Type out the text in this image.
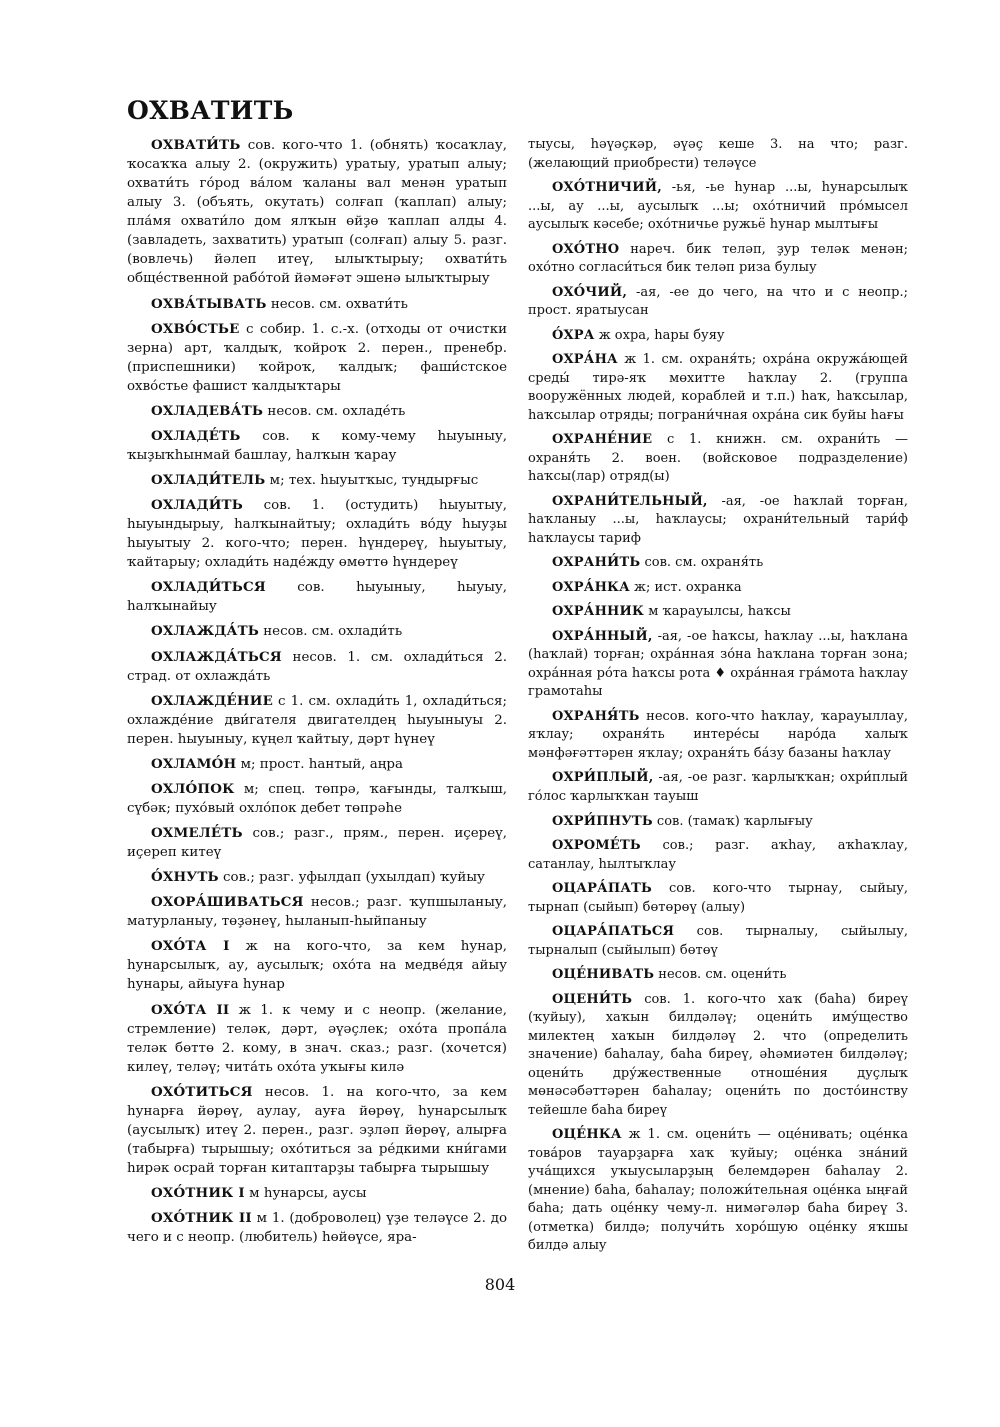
ОХВАТИТЬ

ОХВАТИ́ТЬ сов. кого-что 1. (обнять) ҡосаҡлау, ҡосаҡҡа алыу 2. (окружить) уратыу, уратып алыу; охвати́ть го́род ва́лом ҡаланы вал менән уратып алыу 3. (объять, окутать) солғап (ҡаплап) алыу; пла́мя охвати́ло дом ялҡын өйҙө ҡаплап алды 4. (завладеть, захватить) уратып (солғап) алыу 5. разг. (вовлечь) йәлеп итеү, ылыҡтырыу; охвати́ть обще́ственной рабо́той йәмәғәт эшенә ылыҡтырыу

ОХВА́ТЫВАТЬ несов. см. охвати́ть

ОХВО́СТЬЕ с собир. 1. с.-х. (отходы от очистки зерна) арт, ҡалдыҡ, ҡойроҡ 2. перен., пренебр. (приспешники) ҡойроҡ, ҡалдыҡ; фаши́стское охво́стье фашист ҡалдыҡтары

ОХЛАДЕВА́ТЬ несов. см. охладе́ть

ОХЛАДЕ́ТЬ сов. к кому-чему һыуыныу, ҡыҙыҡһынмай башлау, һалҡын ҡарау

ОХЛАДИ́ТЕЛЬ м; тех. һыуытҡыс, туңдырғыс

ОХЛАДИ́ТЬ сов. 1. (остудить) һыуытыу, һыуындырыу, һалҡынайтыу; охлади́ть во́ду һыуҙы һыуытыу 2. кого-что; перен. һүндереү, һыуытыу, ҡайтарыу; охлади́ть наде́жду өмөттө һүндереү

ОХЛАДИ́ТЬСЯ сов. һыуыныу, һыуыу, һалҡынайыу

ОХЛАЖДА́ТЬ несов. см. охлади́ть

ОХЛАЖДА́ТЬСЯ несов. 1. см. охлади́ться 2. страд. от охлажда́ть

ОХЛАЖДЕ́НИЕ с 1. см. охлади́ть 1, охлади́ться; охлажде́ние дви́гателя двигателдең һыуыныуы 2. перен. һыуыныу, күңел ҡайтыу, дәрт һүнеү

ОХЛАМО́Н м; прост. һантый, аңра

ОХЛО́ПОК м; спец. төпрә, ҡағынды, талҡыш, сүбәк; пухо́вый охло́пок дебет төпрәһе

ОХМЕЛЕ́ТЬ сов.; разг., прям., перен. иҫереү, иҫереп китеү

О́ХНУТЬ сов.; разг. уфылдап (ухылдап) ҡуйыу

ОХОРА́ШИВАТЬСЯ несов.; разг. ҡупшыланыу, матурланыу, төҙәнеү, һыланып-һыйпаныу

ОХО́ТА I ж на кого-что, за кем һунар, һунарсылыҡ, ау, аусылыҡ; охо́та на медве́дя айыу һунары, айыуға һунар

ОХО́ТА II ж 1. к чему и с неопр. (желание, стремление) теләк, дәрт, әүәҫлек; охо́та пропа́ла теләк бөттө 2. кому, в знач. сказ.; разг. (хочется) килеү, теләү; чита́ть охо́та уҡығы килә

ОХО́ТИТЬСЯ несов. 1. на кого-что, за кем һунарға йөрөү, аулау, ауға йөрөү, һунарсылыҡ (аусылыҡ) итеү 2. перен., разг. эҙләп йөрөү, алырға (табырға) тырышыу; охо́титься за ре́дкими кни́гами һирәк осрай торған китаптарҙы табырға тырышыу

ОХО́ТНИК I м һунарсы, аусы

ОХО́ТНИК II м 1. (доброволец) үҙе теләүсе 2. до чего и с неопр. (любитель) һөйөүсе, яра-

тыусы, һәүәҫкәр, әүәҫ кеше 3. на что; разг. (желающий приобрести) теләүсе

ОХО́ТНИЧИЙ, -ья, -ье һунар ...ы, һунарсылыҡ ...ы, ау ...ы, аусылыҡ ...ы; охо́тничий про́мысел аусылыҡ кәсебе; охо́тничье ружьё һунар мылтығы

ОХО́ТНО нареч. бик теләп, ҙур теләк менән; охо́тно согласи́ться бик теләп риза булыу

ОХО́ЧИЙ, -ая, -ее до чего, на что и с неопр.; прост. яратыусан

О́ХРА ж охра, һары буяу

ОХРА́НА ж 1. см. охраня́ть; охра́на окружа́ющей среды́ тирә-яҡ мөхитте һаҡлау 2. (группа вооружённых людей, кораблей и т.п.) һаҡ, һаҡсылар, һаҡсылар отряды; пограни́чная охра́на сик буйы һағы

ОХРАНЕ́НИЕ с 1. книжн. см. охрани́ть — охраня́ть 2. воен. (войсковое подразделение) һаҡсы(лар) отряд(ы)

ОХРАНИ́ТЕЛЬНЫЙ, -ая, -ое һаҡлай торған, һаҡланыу ...ы, һаҡлаусы; охрани́тельный тари́ф һаҡлаусы тариф

ОХРАНИ́ТЬ сов. см. охраня́ть

ОХРА́НКА ж; ист. охранка

ОХРА́ННИК м ҡарауылсы, һаҡсы

ОХРА́ННЫЙ, -ая, -ое һаҡсы, һаҡлау ...ы, һаҡлана (һаҡлай) торған; охра́нная зо́на һаҡлана торған зона; охра́нная ро́та һаҡсы рота ♦ охра́нная гра́мота һаҡлау грамотаһы

ОХРАНЯ́ТЬ несов. кого-что һаҡлау, ҡарауыллау, яҡлау; охраня́ть интере́сы наро́да халыҡ мәнфәғәттәрен яҡлау; охраня́ть ба́зу базаны һаҡлау

ОХРИ́ПЛЫЙ, -ая, -ое разг. ҡарлыҡҡан; охри́плый го́лос ҡарлыҡҡан тауыш

ОХРИ́ПНУТЬ сов. (тамаҡ) ҡарлығыу

ОХРОМЕ́ТЬ сов.; разг. аҡһау, аҡһаҡлау, сатанлау, һылтыҡлау

ОЦАРА́ПАТЬ сов. кого-что тырнау, сыйыу, тырнап (сыйып) бөтөрөү (алыу)

ОЦАРА́ПАТЬСЯ сов. тырналыу, сыйылыу, тырналып (сыйылып) бөтөү

ОЦЕ́НИВАТЬ несов. см. оцени́ть

ОЦЕНИ́ТЬ сов. 1. кого-что хаҡ (баһа) биреү (ҡуйыу), хаҡын билдәләү; оцени́ть иму́щество милектең хаҡын билдәләү 2. что (определить значение) баһалау, баһа биреү, әһәмиәтен билдәләү; оцени́ть дру́жественные отноше́ния дуҫлыҡ мөнәсәбәттәрен баһалау; оцени́ть по досто́инству тейешле баһа биреү

ОЦЕ́НКА ж 1. см. оцени́ть — оце́нивать; оце́нка това́ров тауарҙарға хаҡ ҡуйыу; оце́нка зна́ний уча́щихся уҡыусыларҙың белемдәрен баһалау 2. (мнение) баһа, баһалау; положи́тельная оце́нка ыңғай баһа; дать оце́нку чему-л. нимәгәләр баһа биреү 3. (отметка) билдә; получи́ть хоро́шую оце́нку яҡшы билдә алыу

804
